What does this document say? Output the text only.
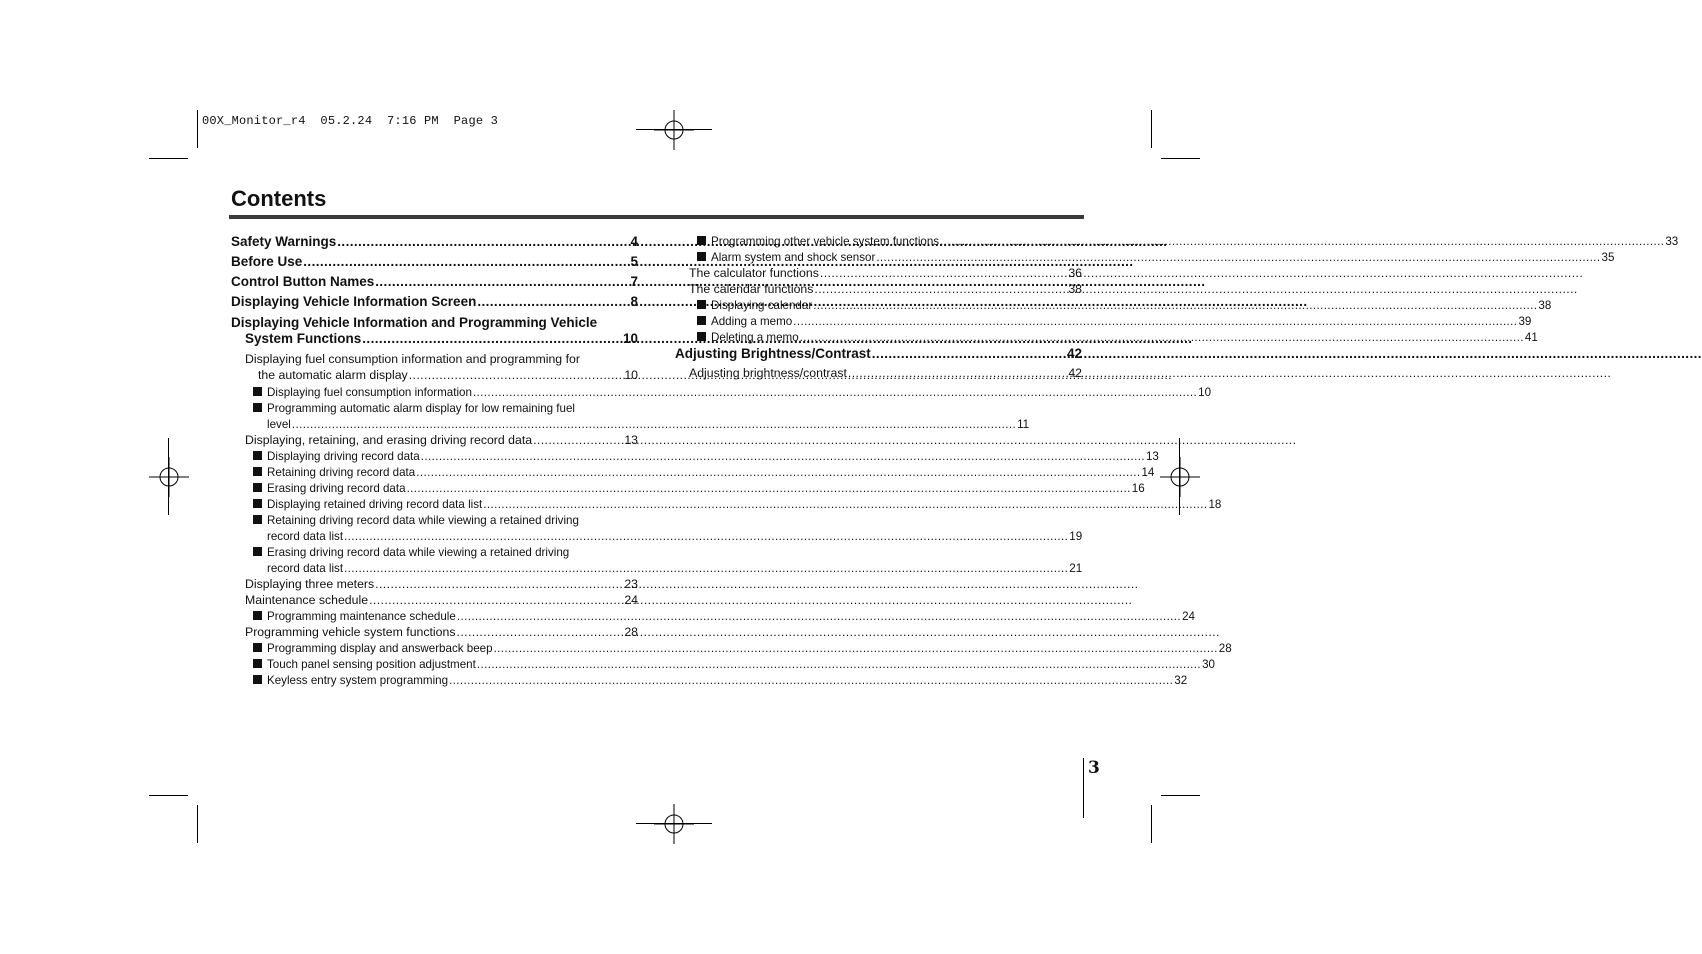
00X_Monitor_r4  05.2.24  7:16 PM  Page 3
Contents
Safety Warnings .....	4
Before Use .....	5
Control Button Names .....	7
Displaying Vehicle Information Screen .....	8
Displaying Vehicle Information and Programming Vehicle
System Functions .....	10
Displaying fuel consumption information and programming for
the automatic alarm display .....	10
Displaying fuel consumption information .....	10
Programming automatic alarm display for low remaining fuel
level .....	11
Displaying, retaining, and erasing driving record data .....	13
Displaying driving record data .....	13
Retaining driving record data .....	14
Erasing driving record data .....	16
Displaying retained driving record data list .....	18
Retaining driving record data while viewing a retained driving
record data list .....	19
Erasing driving record data while viewing a retained driving
record data list .....	21
Displaying three meters .....	23
Maintenance schedule .....	24
Programming maintenance schedule .....	24
Programming vehicle system functions .....	28
Programming display and answerback beep .....	28
Touch panel sensing position adjustment .....	30
Keyless entry system programming .....	32
Programming other vehicle system functions .....	33
Alarm system and shock sensor .....	35
The calculator functions .....	36
The calendar functions .....	38
Displaying calendar .....	38
Adding a memo .....	39
Deleting a memo .....	41
Adjusting Brightness/Contrast .....	42
Adjusting brightness/contrast .....	42
3
